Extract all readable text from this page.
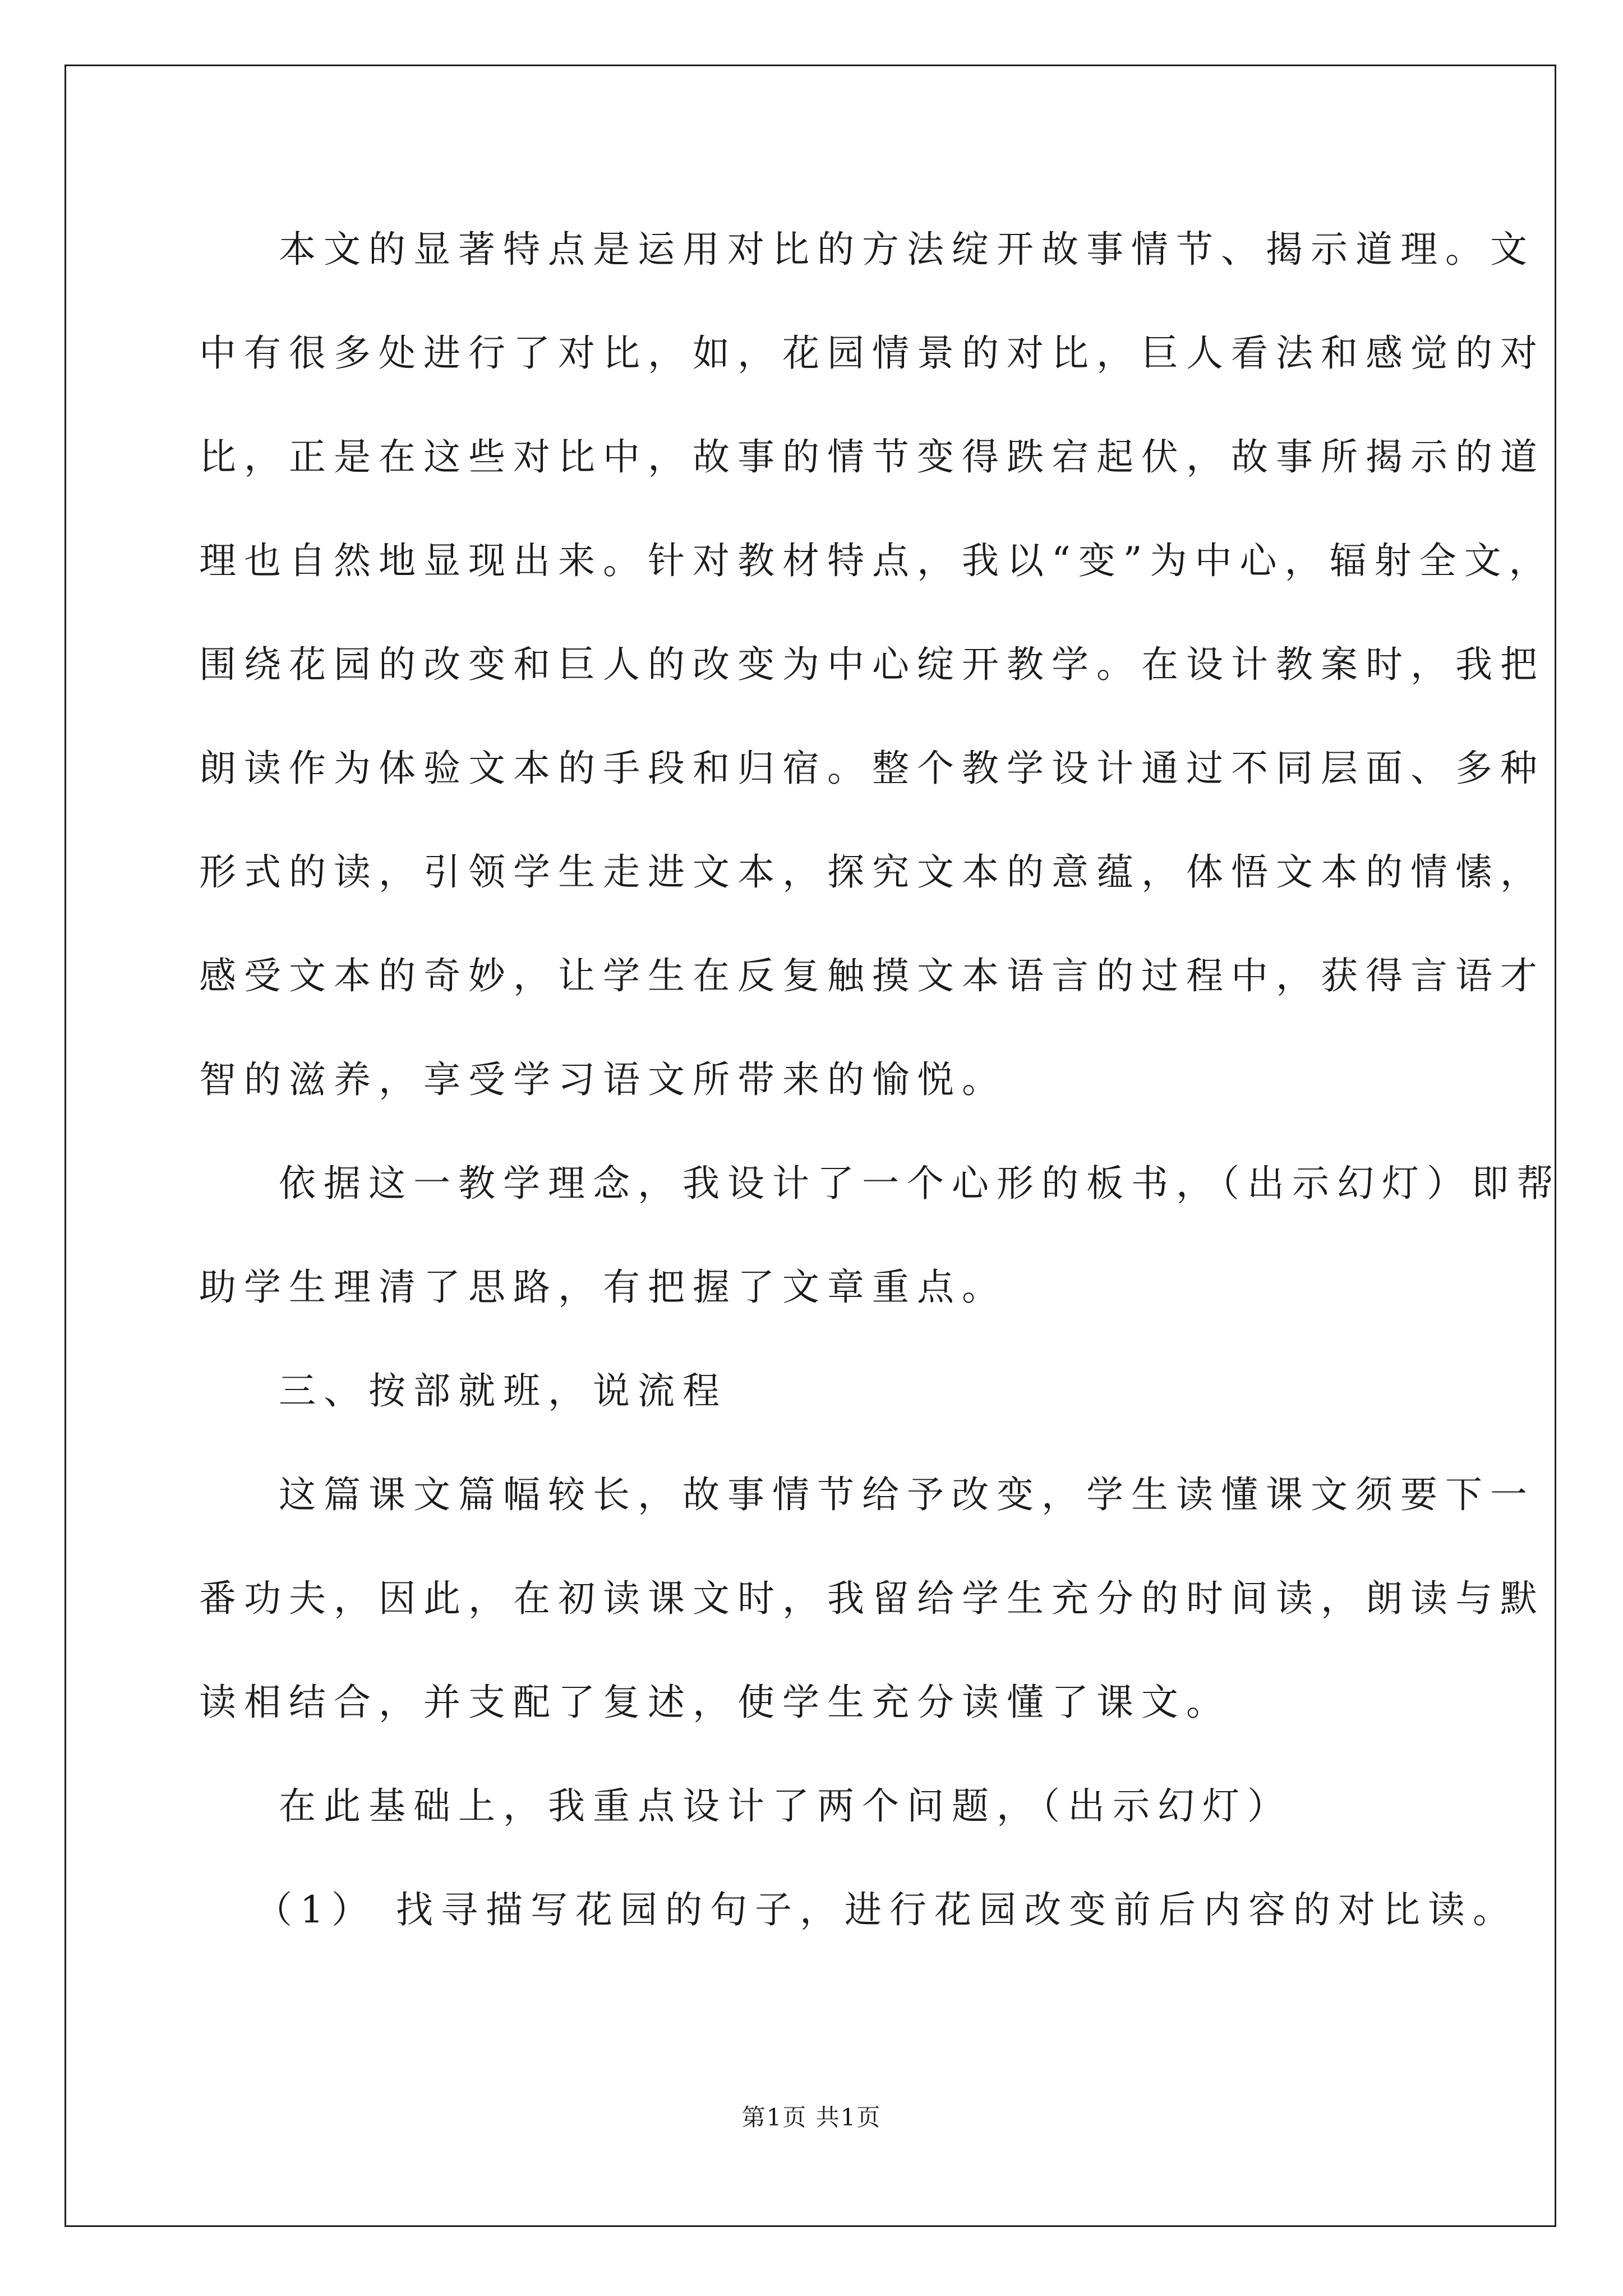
本文的显著特点是运用对比的方法绽开故事情节、揭示道理。文
中有很多处进行了对比，如，花园情景的对比，巨人看法和感觉的对
比，正是在这些对比中，故事的情节变得跌宕起伏，故事所揭示的道
理也自然地显现出来。针对教材特点，我以“变”为中心，辐射全文，
围绕花园的改变和巨人的改变为中心绽开教学。在设计教案时，我把
朗读作为体验文本的手段和归宿。整个教学设计通过不同层面、多种
形式的读，引领学生走进文本，探究文本的意蕴，体悟文本的情愫，
感受文本的奇妙，让学生在反复触摸文本语言的过程中，获得言语才
智的滋养，享受学习语文所带来的愉悦。
依据这一教学理念，我设计了一个心形的板书，（出示幻灯）即帮
助学生理清了思路，有把握了文章重点。
三、按部就班，说流程
这篇课文篇幅较长，故事情节给予改变，学生读懂课文须要下一
番功夫，因此，在初读课文时，我留给学生充分的时间读，朗读与默
读相结合，并支配了复述，使学生充分读懂了课文。
在此基础上，我重点设计了两个问题，（出示幻灯）
（1） 找寻描写花园的句子，进行花园改变前后内容的对比读。
第1页 共1页
